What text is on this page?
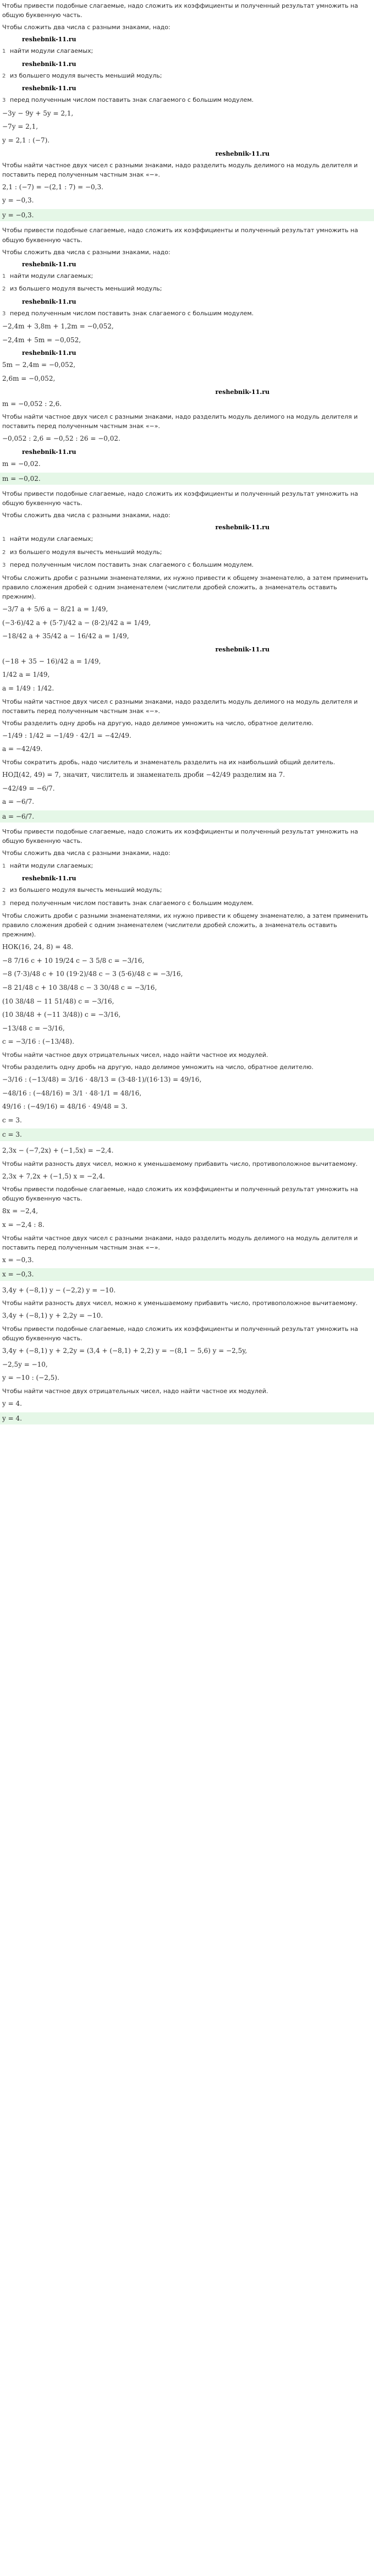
Чтобы привести подобные слагаемые, надо сложить их коэффициенты и полученный результат умножить на общую буквенную часть.

Чтобы сложить два числа с разными знаками, надо:

reshebnik-11.ru
1 найти модули слагаемых;
reshebnik-11.ru
2 из большего модуля вычесть меньший модуль;
reshebnik-11.ru
3 перед полученным числом поставить знак слагаемого с большим модулем.
−3y − 9y + 5y = 2,1,
−7y = 2,1,
y = 2,1 : (−7).
reshebnik-11.ru

Чтобы найти частное двух чисел с разными знаками, надо разделить модуль делимого на модуль делителя и поставить перед полученным частным знак «−».

2,1 : (−7) = −(2,1 : 7) = −0,3.
y = −0,3.
y = −0,3.

Чтобы привести подобные слагаемые, надо сложить их коэффициенты и полученный результат умножить на общую буквенную часть.

Чтобы сложить два числа с разными знаками, надо:

reshebnik-11.ru
1 найти модули слагаемых;
2 из большего модуля вычесть меньший модуль;
reshebnik-11.ru
3 перед полученным числом поставить знак слагаемого с большим модулем.
−2,4m + 3,8m + 1,2m = −0,052,
−2,4m + 5m = −0,052,
reshebnik-11.ru
5m − 2,4m = −0,052,
2,6m = −0,052,
reshebnik-11.ru
m = −0,052 : 2,6.

Чтобы найти частное двух чисел с разными знаками, надо разделить модуль делимого на модуль делителя и поставить перед полученным частным знак «−».

−0,052 : 2,6 = −0,52 : 26 = −0,02.
reshebnik-11.ru
m = −0,02.
m = −0,02.

Чтобы привести подобные слагаемые, надо сложить их коэффициенты и полученный результат умножить на общую буквенную часть.

Чтобы сложить два числа с разными знаками, надо:

reshebnik-11.ru
1 найти модули слагаемых;
2 из большего модуля вычесть меньший модуль;
3 перед полученным числом поставить знак слагаемого с большим модулем.

Чтобы сложить дроби с разными знаменателями, их нужно привести к общему знаменателю, а затем применить правило сложения дробей с одним знаменателем (числители дробей сложить, а знаменатель оставить прежним).

−3/7 a + 5/6 a − 8/21 a = 1/49,
(−3·6)/42 a + (5·7)/42 a − (8·2)/42 a = 1/49,
−18/42 a + 35/42 a − 16/42 a = 1/49,
reshebnik-11.ru
(−18 + 35 − 16)/42 a = 1/49,
1/42 a = 1/49,
a = 1/49 : 1/42.

Чтобы найти частное двух чисел с разными знаками, надо разделить модуль делимого на модуль делителя и поставить перед полученным частным знак «−».

Чтобы разделить одну дробь на другую, надо делимое умножить на число, обратное делителю.

−1/49 : 1/42 = −1/49 · 42/1 = −42/49.
a = −42/49.

Чтобы сократить дробь, надо числитель и знаменатель разделить на их наибольший общий делитель.

НОД(42, 49) = 7, значит, числитель и знаменатель дроби −42/49 разделим на 7.
−42/49 = −6/7.
a = −6/7.
a = −6/7.

Чтобы привести подобные слагаемые, надо сложить их коэффициенты и полученный результат умножить на общую буквенную часть.

Чтобы сложить два числа с разными знаками, надо:

1 найти модули слагаемых;
reshebnik-11.ru
2 из большего модуля вычесть меньший модуль;
3 перед полученным числом поставить знак слагаемого с большим модулем.

Чтобы сложить дроби с разными знаменателями, их нужно привести к общему знаменателю, а затем применить правило сложения дробей с одним знаменателем (числители дробей сложить, а знаменатель оставить прежним).

НОК(16, 24, 8) = 48.
−8 7/16 c + 10 19/24 c − 3 5/8 c = −3/16,
−8 (7·3)/48 c + 10 (19·2)/48 c − 3 (5·6)/48 c = −3/16,
−8 21/48 c + 10 38/48 c − 3 30/48 c = −3/16,
(10 38/48 − 11 51/48) c = −3/16,
(10 38/48 + (−11 3/48)) c = −3/16,
−13/48 c = −3/16,
c = −3/16 : (−13/48).

Чтобы найти частное двух отрицательных чисел, надо найти частное их модулей.

Чтобы разделить одну дробь на другую, надо делимое умножить на число, обратное делителю.

−3/16 : (−13/48) = 3/16 · 48/13 = (3·48·1)/(16·13) = 49/16,
−48/16 : (−48/16) = 3/1 · 48·1/1 = 48/16,
49/16 : (−49/16) = 48/16 · 49/48 = 3.
c = 3.
c = 3.
2,3x − (−7,2x) + (−1,5x) = −2,4.

Чтобы найти разность двух чисел, можно к уменьшаемому прибавить число, противоположное вычитаемому.

2,3x + 7,2x + (−1,5) x = −2,4.

Чтобы привести подобные слагаемые, надо сложить их коэффициенты и полученный результат умножить на общую буквенную часть.

8x = −2,4,
x = −2,4 : 8.

Чтобы найти частное двух чисел с разными знаками, надо разделить модуль делимого на модуль делителя и поставить перед полученным частным знак «−».

x = −0,3.
x = −0,3.
3,4y + (−8,1) y − (−2,2) y = −10.

Чтобы найти разность двух чисел, можно к уменьшаемому прибавить число, противоположное вычитаемому.

3,4y + (−8,1) y + 2,2y = −10.

Чтобы привести подобные слагаемые, надо сложить их коэффициенты и полученный результат умножить на общую буквенную часть.

3,4y + (−8,1) y + 2,2y = (3,4 + (−8,1) + 2,2) y = −(8,1 − 5,6) y = −2,5y,
−2,5y = −10,
y = −10 : (−2,5).

Чтобы найти частное двух отрицательных чисел, надо найти частное их модулей.

y = 4.
y = 4.
